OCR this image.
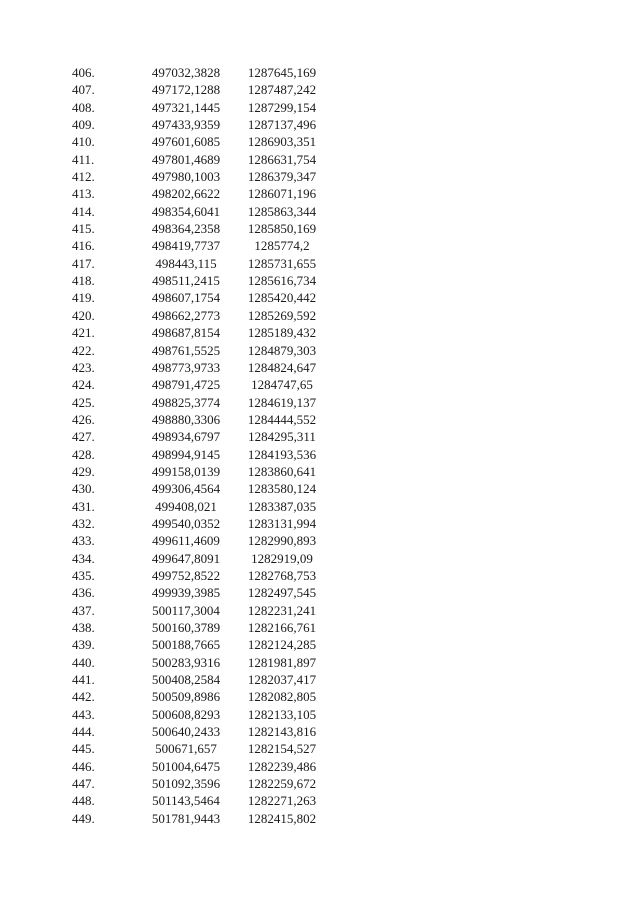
406.	497032,3828	1287645,169
407.	497172,1288	1287487,242
408.	497321,1445	1287299,154
409.	497433,9359	1287137,496
410.	497601,6085	1286903,351
411.	497801,4689	1286631,754
412.	497980,1003	1286379,347
413.	498202,6622	1286071,196
414.	498354,6041	1285863,344
415.	498364,2358	1285850,169
416.	498419,7737	1285774,2
417.	498443,115	1285731,655
418.	498511,2415	1285616,734
419.	498607,1754	1285420,442
420.	498662,2773	1285269,592
421.	498687,8154	1285189,432
422.	498761,5525	1284879,303
423.	498773,9733	1284824,647
424.	498791,4725	1284747,65
425.	498825,3774	1284619,137
426.	498880,3306	1284444,552
427.	498934,6797	1284295,311
428.	498994,9145	1284193,536
429.	499158,0139	1283860,641
430.	499306,4564	1283580,124
431.	499408,021	1283387,035
432.	499540,0352	1283131,994
433.	499611,4609	1282990,893
434.	499647,8091	1282919,09
435.	499752,8522	1282768,753
436.	499939,3985	1282497,545
437.	500117,3004	1282231,241
438.	500160,3789	1282166,761
439.	500188,7665	1282124,285
440.	500283,9316	1281981,897
441.	500408,2584	1282037,417
442.	500509,8986	1282082,805
443.	500608,8293	1282133,105
444.	500640,2433	1282143,816
445.	500671,657	1282154,527
446.	501004,6475	1282239,486
447.	501092,3596	1282259,672
448.	501143,5464	1282271,263
449.	501781,9443	1282415,802
